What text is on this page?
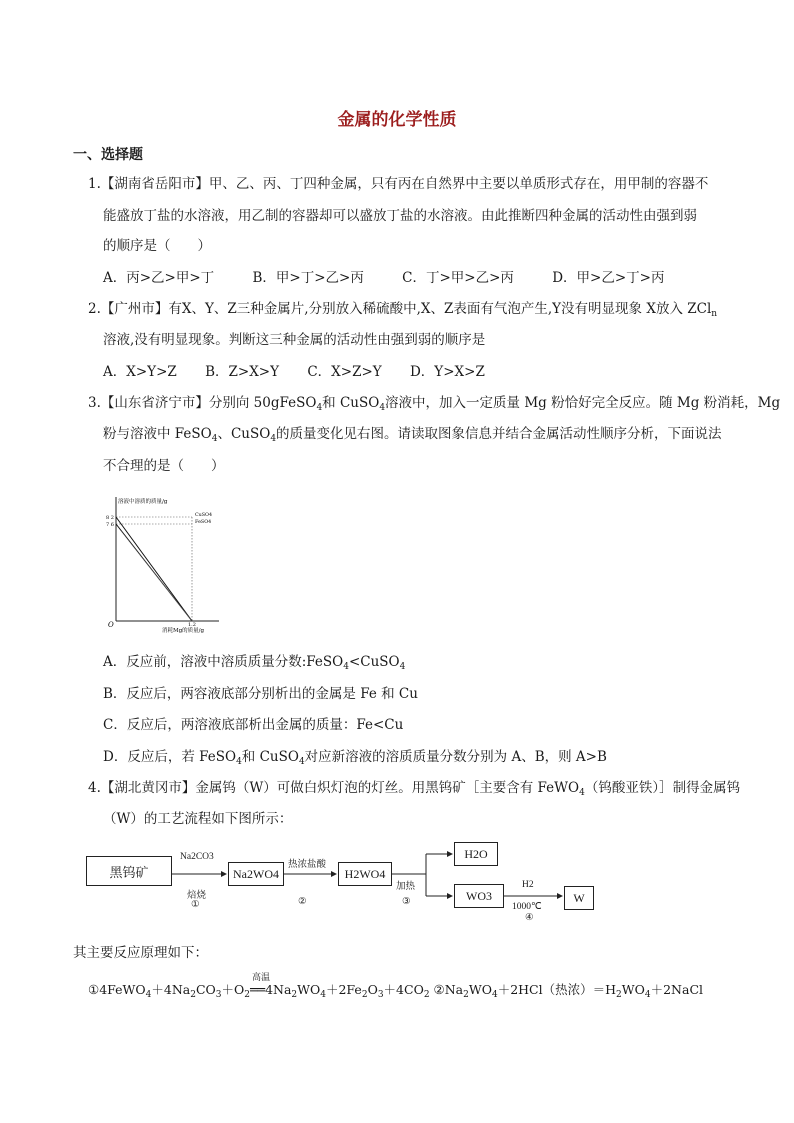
金属的化学性质
一、选择题
1.【湖南省岳阳市】甲、乙、丙、丁四种金属，只有丙在自然界中主要以单质形式存在，用甲制的容器不
能盛放丁盐的水溶液，用乙制的容器却可以盛放丁盐的水溶液。由此推断四种金属的活动性由强到弱
的顺序是（　　）
A．丙>乙>甲>丁	B．甲>丁>乙>丙	C．丁>甲>乙>丙	D．甲>乙>丁>丙
2.【广州市】有X、Y、Z三种金属片,分别放入稀硫酸中,X、Z表面有气泡产生,Y没有明显现象 X放入 ZCl$_n$
溶液,没有明显现象。判断这三种金属的活动性由强到弱的顺序是
A．X>Y>Z B．Z>X>Y C．X>Z>Y D．Y>X>Z
3.【山东省济宁市】分别向 50gFeSO$_4$和 CuSO$_4$溶液中，加入一定质量 Mg 粉恰好完全反应。随 Mg 粉消耗，Mg
粉与溶液中 FeSO$_4$、CuSO$_4$的质量变化见右图。请读取图象信息并结合金属活动性顺序分析，下面说法
不合理的是（　　）
溶液中溶质的质量/g
8 2
7 6
CuSO4
FeSO4
O	1.2
消耗Mg的质量/g
A．反应前，溶液中溶质质量分数:FeSO$_4$<CuSO$_4$
B．反应后，两容液底部分别析出的金属是 Fe 和 Cu
C．反应后，两溶液底部析出金属的质量：Fe<Cu
D．反应后，若 FeSO$_4$和 CuSO$_4$对应新溶液的溶质质量分数分别为 A、B，则 A>B
4.【湖北黄冈市】金属钨（W）可做白炽灯泡的灯丝。用黑钨矿［主要含有 FeWO$_4$（钨酸亚铁）］制得金属钨
（W）的工艺流程如下图所示：
黑钨矿
Na2CO3
焙烧
①
Na2WO4
热浓盐酸
②
H2WO4
加热
③
H2O
WO3
H2
1000℃
④
W
其主要反应原理如下：
$①4FeWO_4+4Na_2CO_3+O_2$
高温
$══4Na_2WO_4+2Fe_2O_3+4CO_2$ $②Na_2WO_4+2HCl$（热浓）$=H_2WO_4+2NaCl$
